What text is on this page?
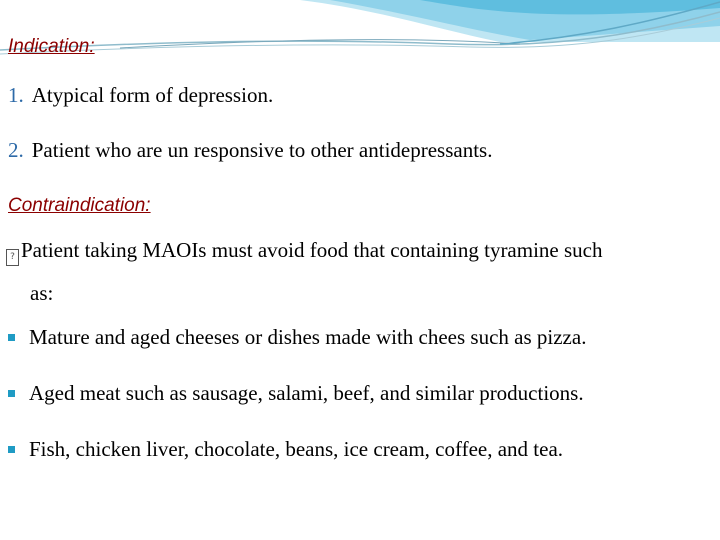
Indication:
1. Atypical form of depression.
2. Patient who are un responsive to other antidepressants.
Contraindication:
? Patient taking MAOIs must avoid food that containing tyramine such
as:
Mature and aged cheeses or dishes made with chees such as pizza.
Aged meat such as sausage, salami, beef, and similar productions.
Fish, chicken liver, chocolate, beans, ice cream, coffee, and tea.
